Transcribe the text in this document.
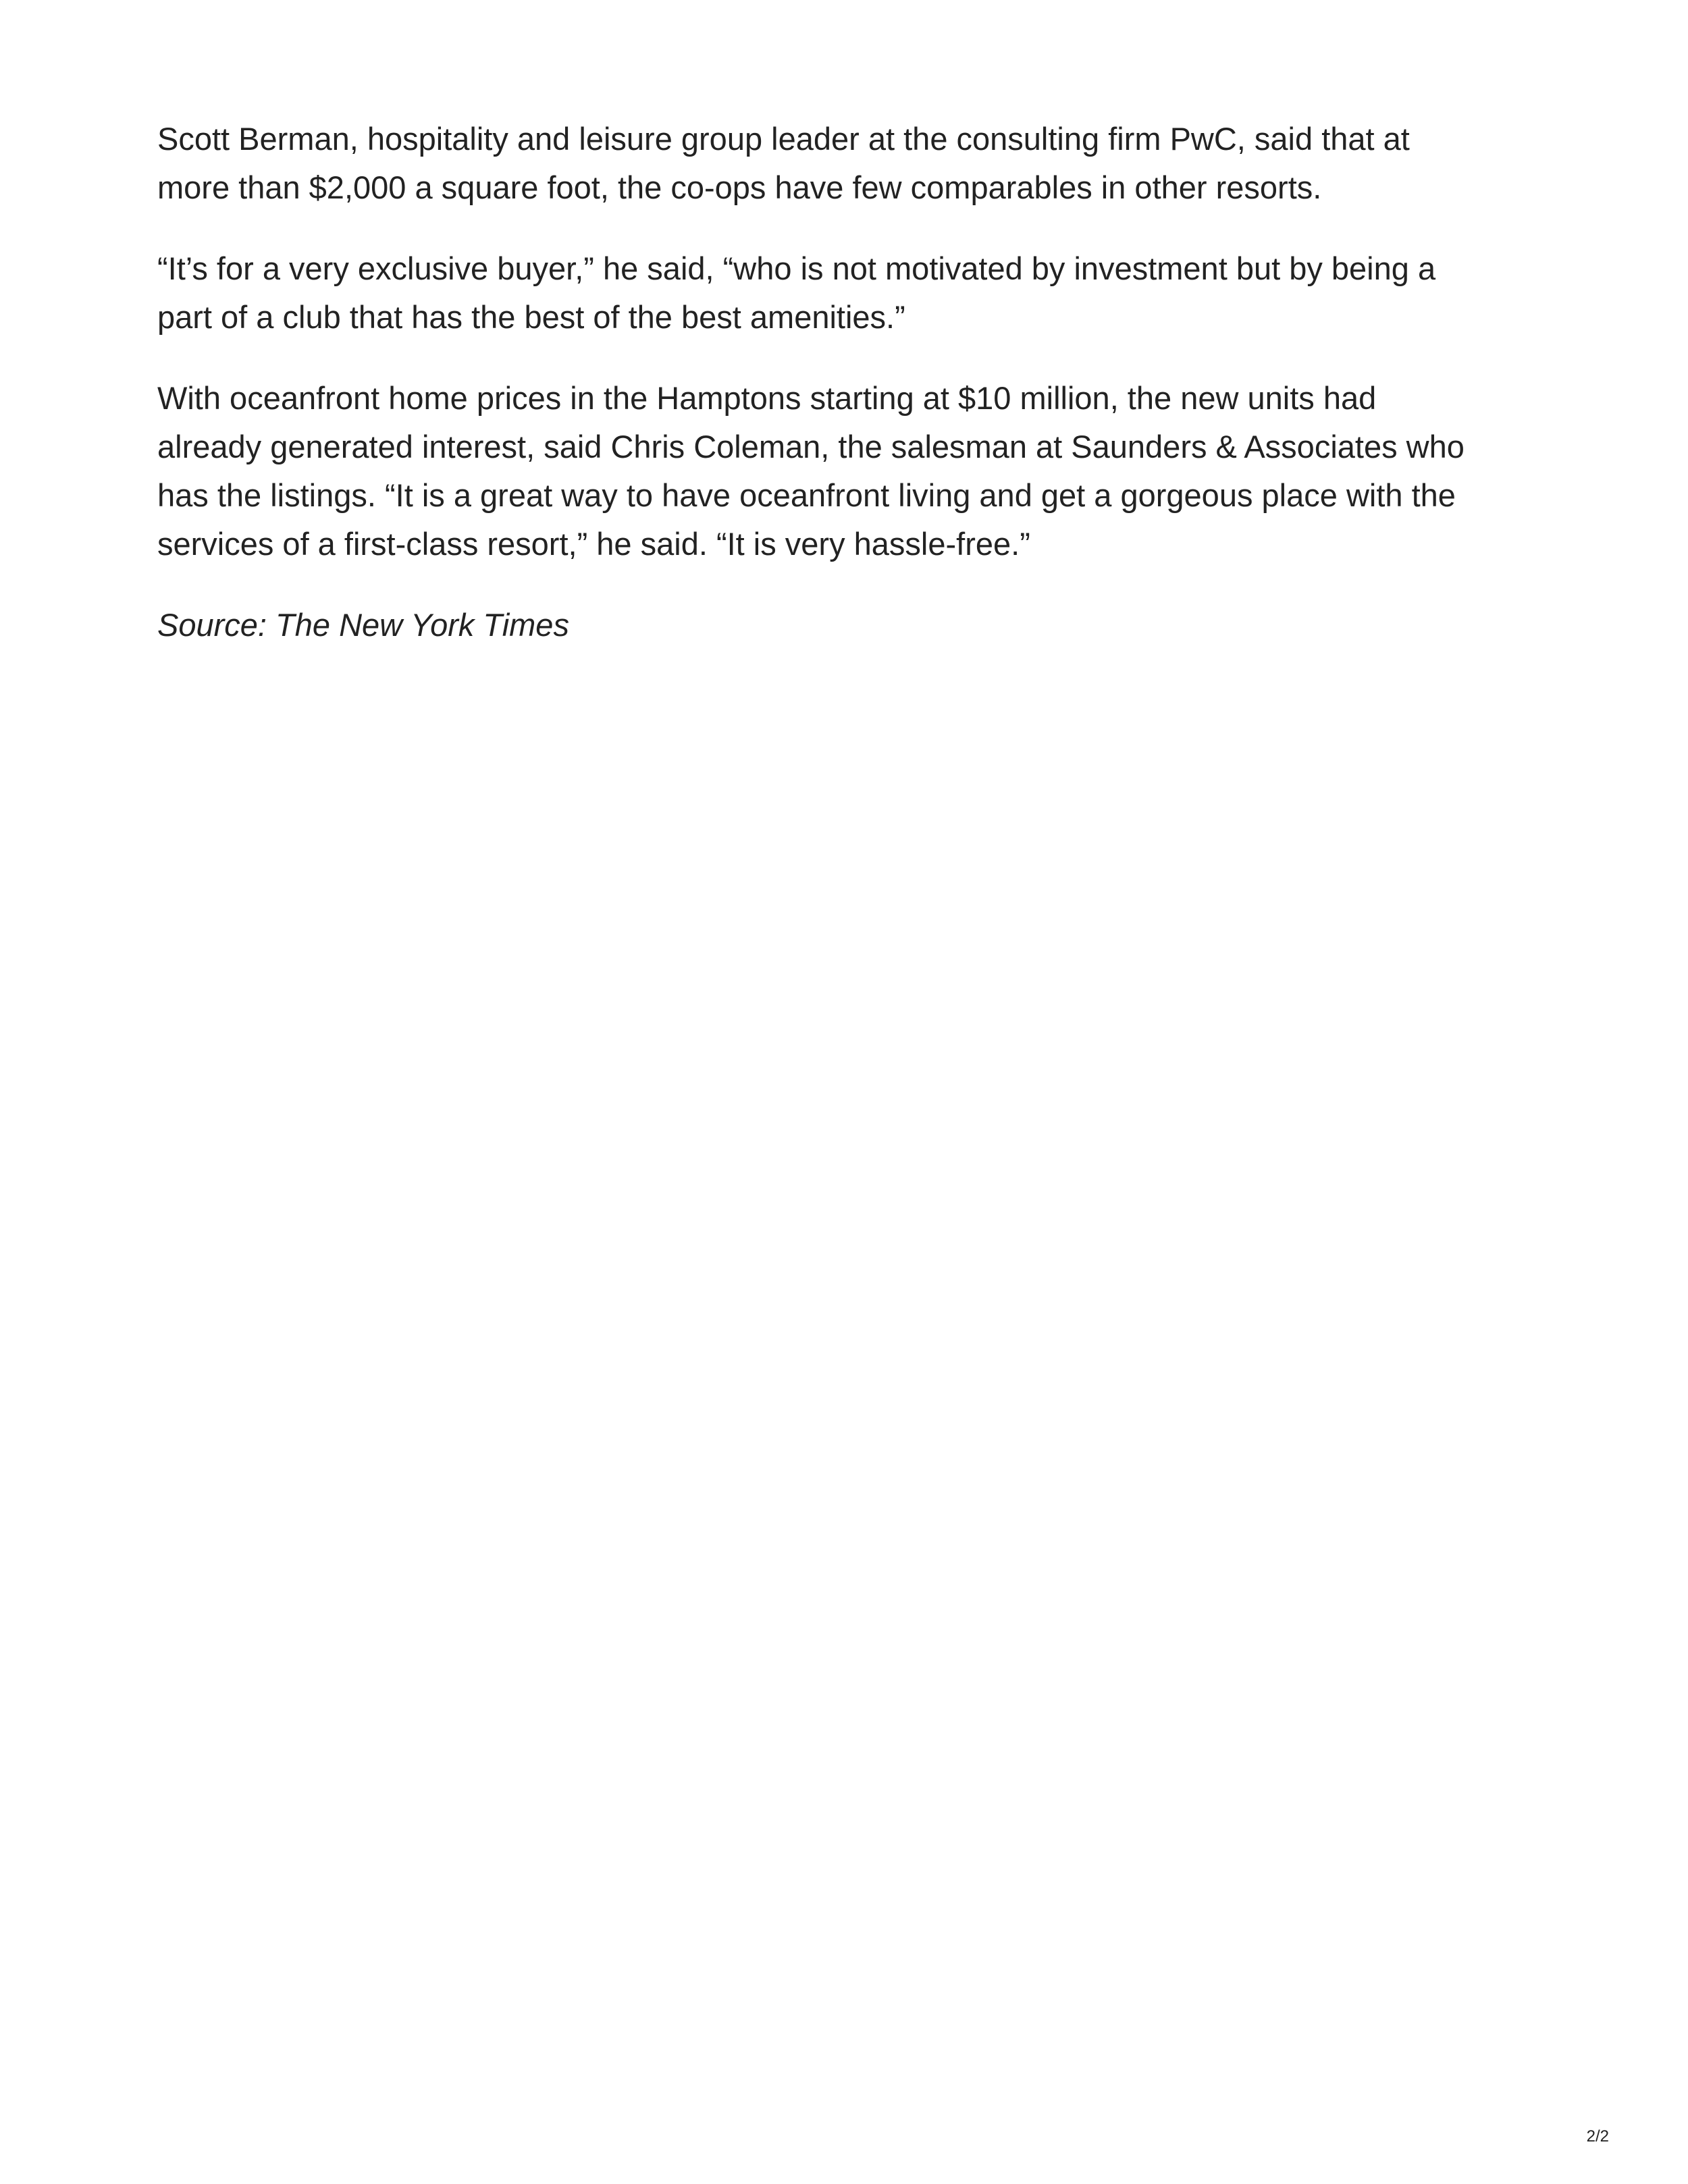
Scott Berman, hospitality and leisure group leader at the consulting firm PwC, said that at
more than $2,000 a square foot, the co-ops have few comparables in other resorts.

“It’s for a very exclusive buyer,” he said, “who is not motivated by investment but by being a
part of a club that has the best of the best amenities.”

With oceanfront home prices in the Hamptons starting at $10 million, the new units had
already generated interest, said Chris Coleman, the salesman at Saunders & Associates who
has the listings. “It is a great way to have oceanfront living and get a gorgeous place with the
services of a first-class resort,” he said. “It is very hassle-free.”

Source: The New York Times

2/2
